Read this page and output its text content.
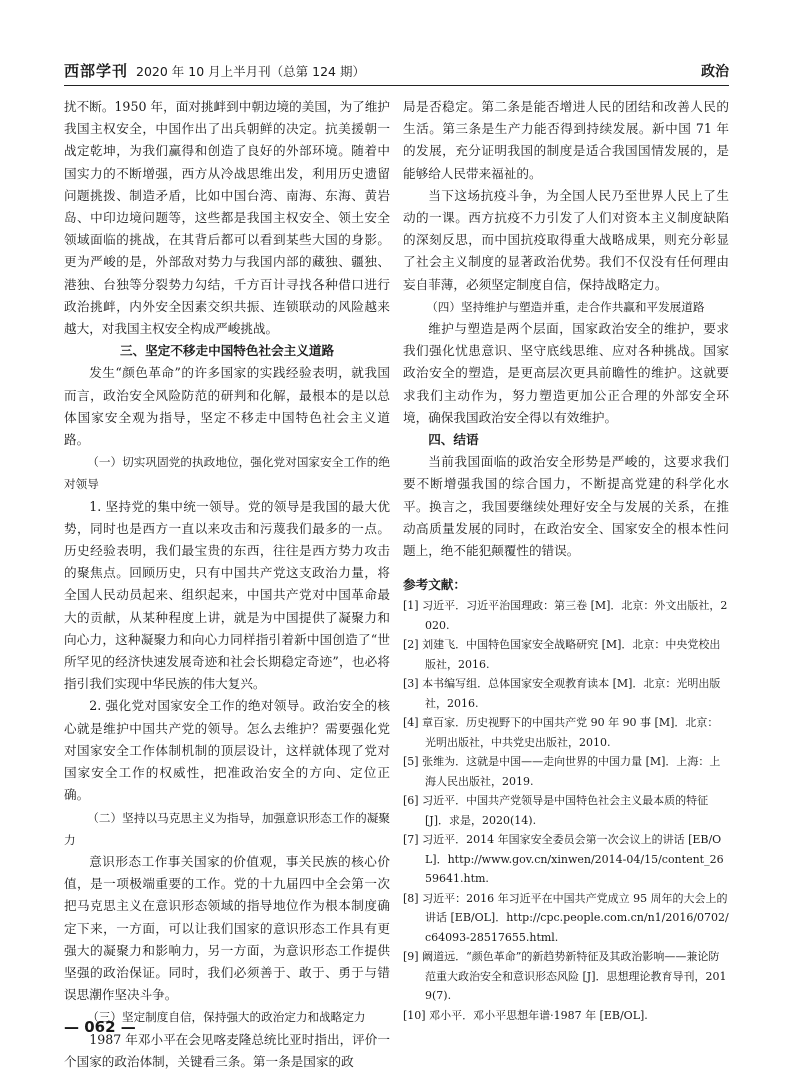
西部学刊 2020 年 10 月上半月刊（总第 124 期）	政治

扰不断。1950 年，面对挑衅到中朝边境的美国，为了维护我国主权安全，中国作出了出兵朝鲜的决定。抗美援朝一战定乾坤，为我们赢得和创造了良好的外部环境。随着中国实力的不断增强，西方从冷战思维出发，利用历史遗留问题挑拨、制造矛盾，比如中国台湾、南海、东海、黄岩岛、中印边境问题等，这些都是我国主权安全、领土安全领域面临的挑战，在其背后都可以看到某些大国的身影。更为严峻的是，外部敌对势力与我国内部的藏独、疆独、港独、台独等分裂势力勾结，千方百计寻找各种借口进行政治挑衅，内外安全因素交织共振、连锁联动的风险越来越大，对我国主权安全构成严峻挑战。

三、坚定不移走中国特色社会主义道路

发生“颜色革命”的许多国家的实践经验表明，就我国而言，政治安全风险防范的研判和化解，最根本的是以总体国家安全观为指导，坚定不移走中国特色社会主义道路。

（一）切实巩固党的执政地位，强化党对国家安全工作的绝对领导

1. 坚持党的集中统一领导。党的领导是我国的最大优势，同时也是西方一直以来攻击和污蔑我们最多的一点。历史经验表明，我们最宝贵的东西，往往是西方势力攻击的聚焦点。回顾历史，只有中国共产党这支政治力量，将全国人民动员起来、组织起来，中国共产党对中国革命最大的贡献，从某种程度上讲，就是为中国提供了凝聚力和向心力，这种凝聚力和向心力同样指引着新中国创造了“世所罕见的经济快速发展奇迹和社会长期稳定奇迹”，也必将指引我们实现中华民族的伟大复兴。

2. 强化党对国家安全工作的绝对领导。政治安全的核心就是维护中国共产党的领导。怎么去维护？需要强化党对国家安全工作体制机制的顶层设计，这样就体现了党对国家安全工作的权威性，把准政治安全的方向、定位正确。

（二）坚持以马克思主义为指导，加强意识形态工作的凝聚力

意识形态工作事关国家的价值观，事关民族的核心价值，是一项极端重要的工作。党的十九届四中全会第一次把马克思主义在意识形态领域的指导地位作为根本制度确定下来，一方面，可以让我们国家的意识形态工作具有更强大的凝聚力和影响力，另一方面，为意识形态工作提供坚强的政治保证。同时，我们必须善于、敢于、勇于与错误思潮作坚决斗争。

（三）坚定制度自信，保持强大的政治定力和战略定力

1987 年邓小平在会见喀麦隆总统比亚时指出，评价一个国家的政治体制，关键看三条。第一条是国家的政

局是否稳定。第二条是能否增进人民的团结和改善人民的生活。第三条是生产力能否得到持续发展。新中国 71 年的发展，充分证明我国的制度是适合我国国情发展的，是能够给人民带来福祉的。

当下这场抗疫斗争，为全国人民乃至世界人民上了生动的一课。西方抗疫不力引发了人们对资本主义制度缺陷的深刻反思，而中国抗疫取得重大战略成果，则充分彰显了社会主义制度的显著政治优势。我们不仅没有任何理由妄自菲薄，必须坚定制度自信，保持战略定力。

（四）坚持维护与塑造并重，走合作共赢和平发展道路

维护与塑造是两个层面，国家政治安全的维护，要求我们强化忧患意识、坚守底线思维、应对各种挑战。国家政治安全的塑造，是更高层次更具前瞻性的维护。这就要求我们主动作为，努力塑造更加公正合理的外部安全环境，确保我国政治安全得以有效维护。

四、结语

当前我国面临的政治安全形势是严峻的，这要求我们要不断增强我国的综合国力，不断提高党建的科学化水平。换言之，我国要继续处理好安全与发展的关系，在推动高质量发展的同时，在政治安全、国家安全的根本性问题上，绝不能犯颠覆性的错误。

参考文献：

[1] 习近平．习近平治国理政：第三卷 [M]．北京：外文出版社，2020.

[2] 刘建飞．中国特色国家安全战略研究 [M]．北京：中央党校出版社，2016.

[3] 本书编写组．总体国家安全观教育读本 [M]．北京：光明出版社，2016.

[4] 章百家．历史视野下的中国共产党 90 年 90 事 [M]．北京：光明出版社，中共党史出版社，2010.

[5] 张维为．这就是中国——走向世界的中国力量 [M]．上海：上海人民出版社，2019.

[6] 习近平．中国共产党领导是中国特色社会主义最本质的特征 [J]．求是，2020(14).

[7] 习近平．2014 年国家安全委员会第一次会议上的讲话 [EB/OL]．http://www.gov.cn/xinwen/2014-04/15/content_2659641.htm.

[8] 习近平：2016 年习近平在中国共产党成立 95 周年的大会上的讲话 [EB/OL]．http://cpc.people.com.cn/n1/2016/0702/c64093-28517655.html.

[9] 阚道远．“颜色革命”的新趋势新特征及其政治影响——兼论防范重大政治安全和意识形态风险 [J]．思想理论教育导刊，2019(7).

[10] 邓小平．邓小平思想年谱·1987 年 [EB/OL].

— 062 —
